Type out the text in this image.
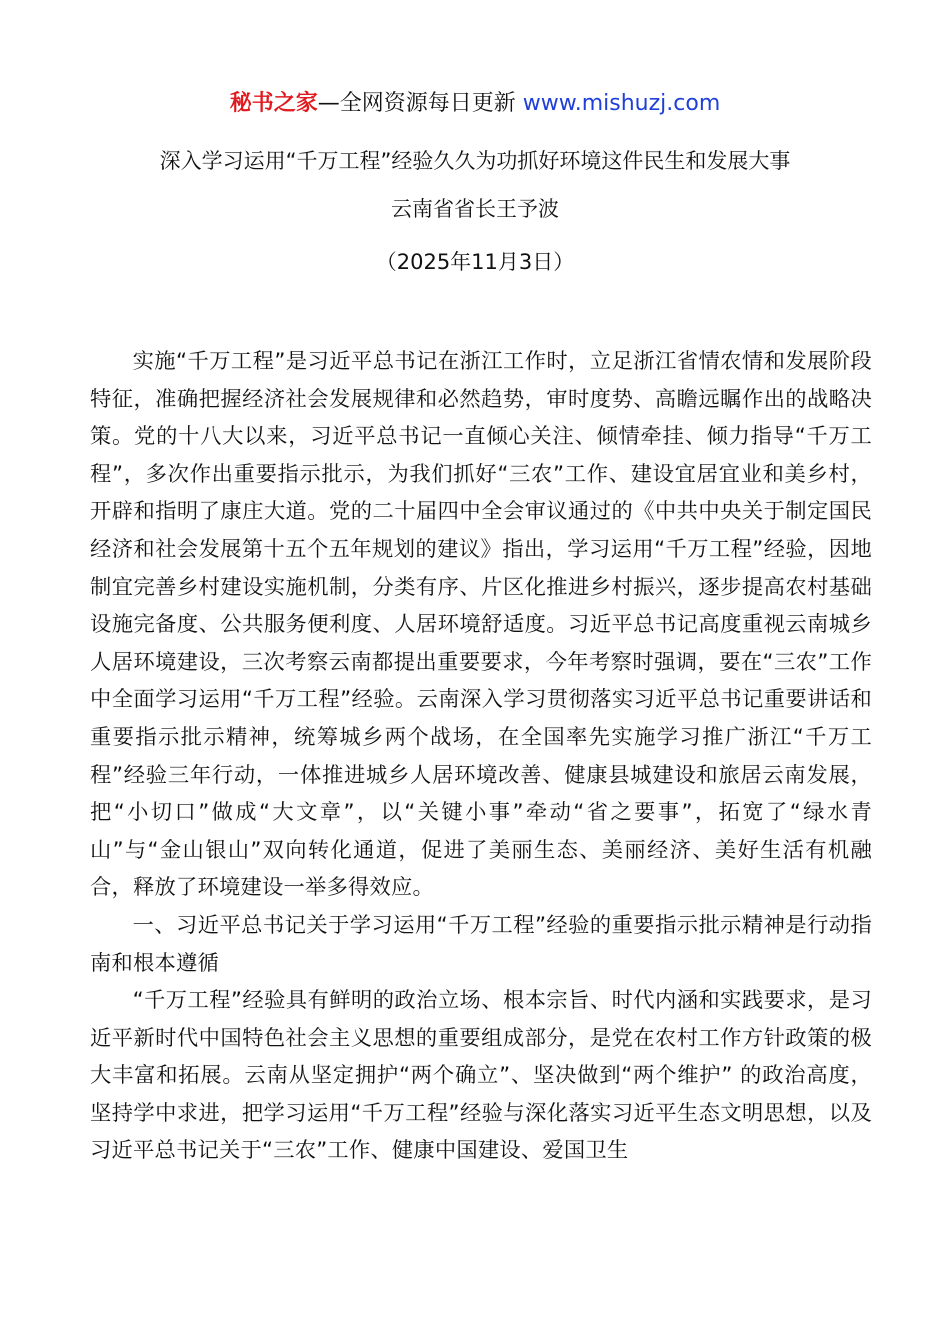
秘书之家—全网资源每日更新 www.mishuzj.com
深入学习运用“千万工程”经验久久为功抓好环境这件民生和发展大事
云南省省长王予波
（2025年11月3日）

实施“千万工程”是习近平总书记在浙江工作时，立足浙江省情农情和发展阶段特征，准确把握经济社会发展规律和必然趋势，审时度势、高瞻远瞩作出的战略决策。党的十八大以来，习近平总书记一直倾心关注、倾情牵挂、倾力指导“千万工程”，多次作出重要指示批示，为我们抓好“三农”工作、建设宜居宜业和美乡村，开辟和指明了康庄大道。党的二十届四中全会审议通过的《中共中央关于制定国民经济和社会发展第十五个五年规划的建议》指出，学习运用“千万工程”经验，因地制宜完善乡村建设实施机制，分类有序、片区化推进乡村振兴，逐步提高农村基础设施完备度、公共服务便利度、人居环境舒适度。习近平总书记高度重视云南城乡人居环境建设，三次考察云南都提出重要要求，今年考察时强调，要在“三农”工作中全面学习运用“千万工程”经验。云南深入学习贯彻落实习近平总书记重要讲话和重要指示批示精神，统筹城乡两个战场，在全国率先实施学习推广浙江“千万工程”经验三年行动，一体推进城乡人居环境改善、健康县城建设和旅居云南发展，把“小切口”做成“大文章”，以“关键小事”牵动“省之要事”，拓宽了“绿水青山”与“金山银山”双向转化通道，促进了美丽生态、美丽经济、美好生活有机融合，释放了环境建设一举多得效应。

一、习近平总书记关于学习运用“千万工程”经验的重要指示批示精神是行动指南和根本遵循

“千万工程”经验具有鲜明的政治立场、根本宗旨、时代内涵和实践要求，是习近平新时代中国特色社会主义思想的重要组成部分，是党在农村工作方针政策的极大丰富和拓展。云南从坚定拥护“两个确立”、坚决做到“两个维护” 的政治高度，坚持学中求进，把学习运用“千万工程”经验与深化落实习近平生态文明思想，以及习近平总书记关于“三农”工作、健康中国建设、爱国卫生
